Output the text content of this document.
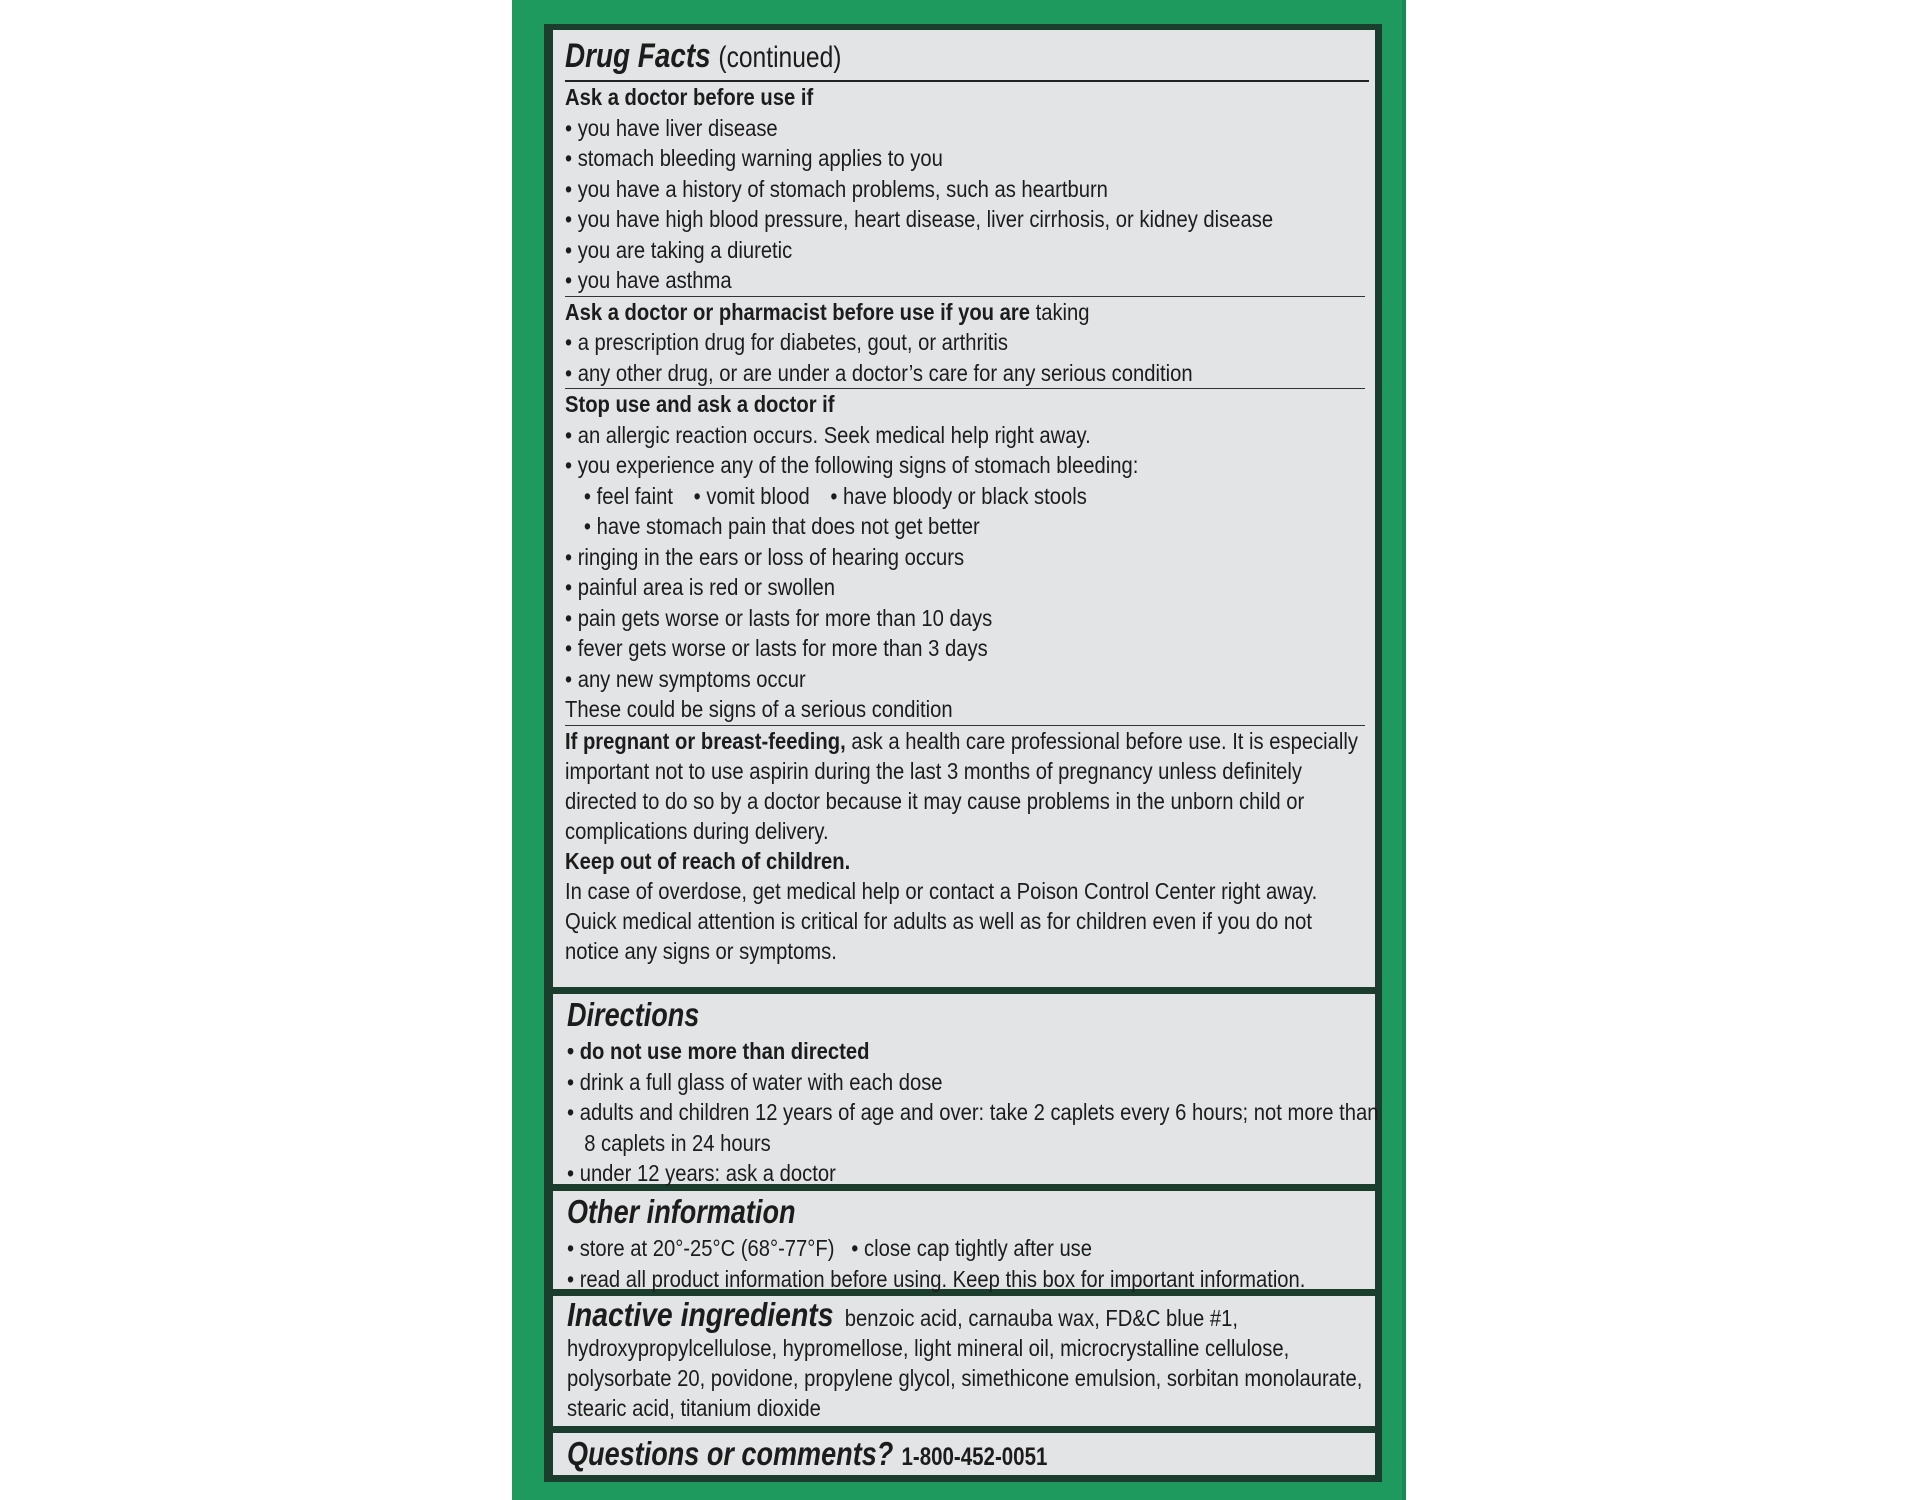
Drug Facts (continued)
Ask a doctor before use if
• you have liver disease
• stomach bleeding warning applies to you
• you have a history of stomach problems, such as heartburn
• you have high blood pressure, heart disease, liver cirrhosis, or kidney disease
• you are taking a diuretic
• you have asthma
Ask a doctor or pharmacist before use if you are taking
• a prescription drug for diabetes, gout, or arthritis
• any other drug, or are under a doctor’s care for any serious condition
Stop use and ask a doctor if
• an allergic reaction occurs. Seek medical help right away.
• you experience any of the following signs of stomach bleeding:
• feel faint • vomit blood • have bloody or black stools
• have stomach pain that does not get better
• ringing in the ears or loss of hearing occurs
• painful area is red or swollen
• pain gets worse or lasts for more than 10 days
• fever gets worse or lasts for more than 3 days
• any new symptoms occur
These could be signs of a serious condition
If pregnant or breast-feeding, ask a health care professional before use. It is especially important not to use aspirin during the last 3 months of pregnancy unless definitely directed to do so by a doctor because it may cause problems in the unborn child or complications during delivery.
Keep out of reach of children.
In case of overdose, get medical help or contact a Poison Control Center right away. Quick medical attention is critical for adults as well as for children even if you do not notice any signs or symptoms.
Directions
• do not use more than directed
• drink a full glass of water with each dose
• adults and children 12 years of age and over: take 2 caplets every 6 hours; not more than
8 caplets in 24 hours
• under 12 years: ask a doctor
Other information
• store at 20°-25°C (68°-77°F)   • close cap tightly after use
• read all product information before using. Keep this box for important information.
Inactive ingredients benzoic acid, carnauba wax, FD&C blue #1, hydroxypropylcellulose, hypromellose, light mineral oil, microcrystalline cellulose, polysorbate 20, povidone, propylene glycol, simethicone emulsion, sorbitan monolaurate, stearic acid, titanium dioxide
Questions or comments? 1-800-452-0051
